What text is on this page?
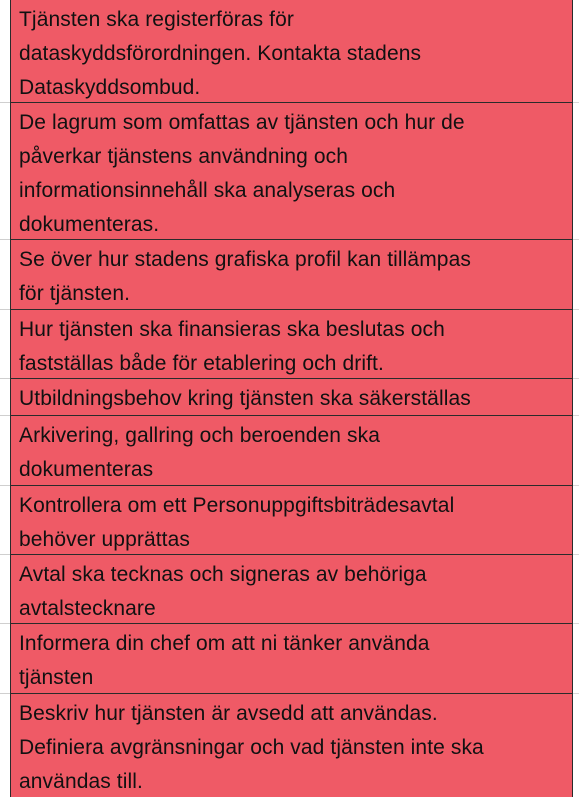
Tjänsten ska registerföras för
dataskyddsförordningen. Kontakta stadens
Dataskyddsombud.
De lagrum som omfattas av tjänsten och hur de
påverkar tjänstens användning och
informationsinnehåll ska analyseras och
dokumenteras.
Se över hur stadens grafiska profil kan tillämpas
för tjänsten.
Hur tjänsten ska finansieras ska beslutas och
fastställas både för etablering och drift.
Utbildningsbehov kring tjänsten ska säkerställas
Arkivering, gallring och beroenden ska
dokumenteras
Kontrollera om ett Personuppgiftsbiträdesavtal
behöver upprättas
Avtal ska tecknas och signeras av behöriga
avtalstecknare
Informera din chef om att ni tänker använda
tjänsten
Beskriv hur tjänsten är avsedd att användas.
Definiera avgränsningar och vad tjänsten inte ska
användas till.
